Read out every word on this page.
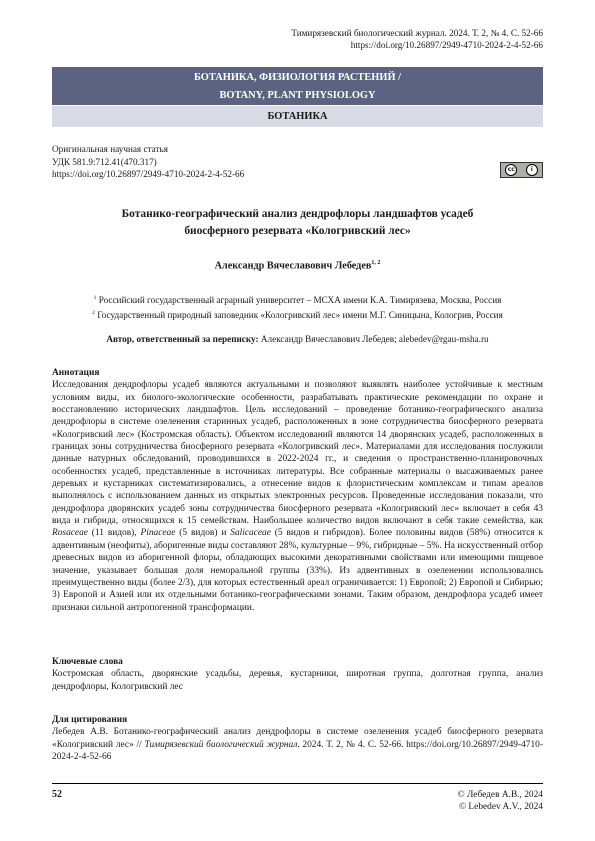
Тимирязевский биологический журнал. 2024. Т. 2, № 4. С. 52-66
https://doi.org/10.26897/2949-4710-2024-2-4-52-66
БОТАНИКА, ФИЗИОЛОГИЯ РАСТЕНИЙ /
BOTANY, PLANT PHYSIOLOGY
БОТАНИКА
Оригинальная научная статья
УДК 581.9:712.41(470.317)
https://doi.org/10.26897/2949-4710-2024-2-4-52-66	cc	i
Ботанико-географический анализ дендрофлоры ландшафтов усадеб
биосферного резервата «Кологривский лес»
Александр Вячеславович Лебедев$^{1, 2}$
$^1$ Российский государственный аграрный университет – МСХА имени К.А. Тимирязева, Москва, Россия
$^2$ Государственный природный заповедник «Кологривский лес» имени М.Г. Синицына, Кологрив, Россия
Автор, ответственный за переписку: Александр Вячеславович Лебедев; alebedev@rgau-msha.ru
Аннотация
Исследования дендрофлоры усадеб являются актуальными и позволяют выявлять наиболее устойчивые к местным условиям виды, их биолого-экологические особенности, разрабатывать практические рекомендации по охране и восстановлению исторических ландшафтов. Цель исследований – проведение ботанико-географического анализа дендрофлоры в системе озеленения старинных усадеб, расположенных в зоне сотрудничества биосферного резервата «Кологривский лес» (Костромская область). Объектом исследований являются 14 дворянских усадеб, расположенных в границах зоны сотрудничества биосферного резервата «Кологривский лес». Материалами для исследования послужили данные натурных обследований, проводившихся в 2022-2024 гг., и сведения о пространственно-планировочных особенностях усадеб, представленные в источниках литературы. Все собранные материалы о высаживаемых ранее деревьях и кустарниках систематизировались, а отнесение видов к флористическим комплексам и типам ареалов выполнялось с использованием данных из открытых электронных ресурсов. Проведенные исследования показали, что дендрофлора дворянских усадеб зоны сотрудничества биосферного резервата «Кологривский лес» включает в себя 43 вида и гибрида, относящихся к 15 семействам. Наибольшее количество видов включают в себя такие семейства, как Rosaceae (11 видов), Pinaceae (5 видов) и Salicaceae (5 видов и гибридов). Более половины видов (58%) относится к адвентивным (неофиты), аборигенные виды составляют 28%, культурные – 9%, гибридные – 5%. На искусственный отбор древесных видов из аборигенной флоры, обладающих высокими декоративными свойствами или имеющими пищевое значение, указывает большая доля неморальной группы (33%). Из адвентивных в озеленении использовались преимущественно виды (более 2/3), для которых естественный ареал ограничивается: 1) Европой; 2) Европой и Сибирью; 3) Европой и Азией или их отдельными ботанико-географическими зонами. Таким образом, дендрофлора усадеб имеет признаки сильной антропогенной трансформации.
Ключевые слова
Костромская область, дворянские усадьбы, деревья, кустарники, широтная группа, долготная группа, анализ дендрофлоры, Кологривский лес
Для цитирования
Лебедев А.В. Ботанико-географический анализ дендрофлоры в системе озеленения усадеб биосферного резервата «Кологривский лес» // Тимирязевский биологический журнал. 2024. Т. 2, № 4. С. 52-66. https://doi.org/10.26897/2949-4710-2024-2-4-52-66
52	© Лебедев А.В., 2024
© Lebedev A.V., 2024
